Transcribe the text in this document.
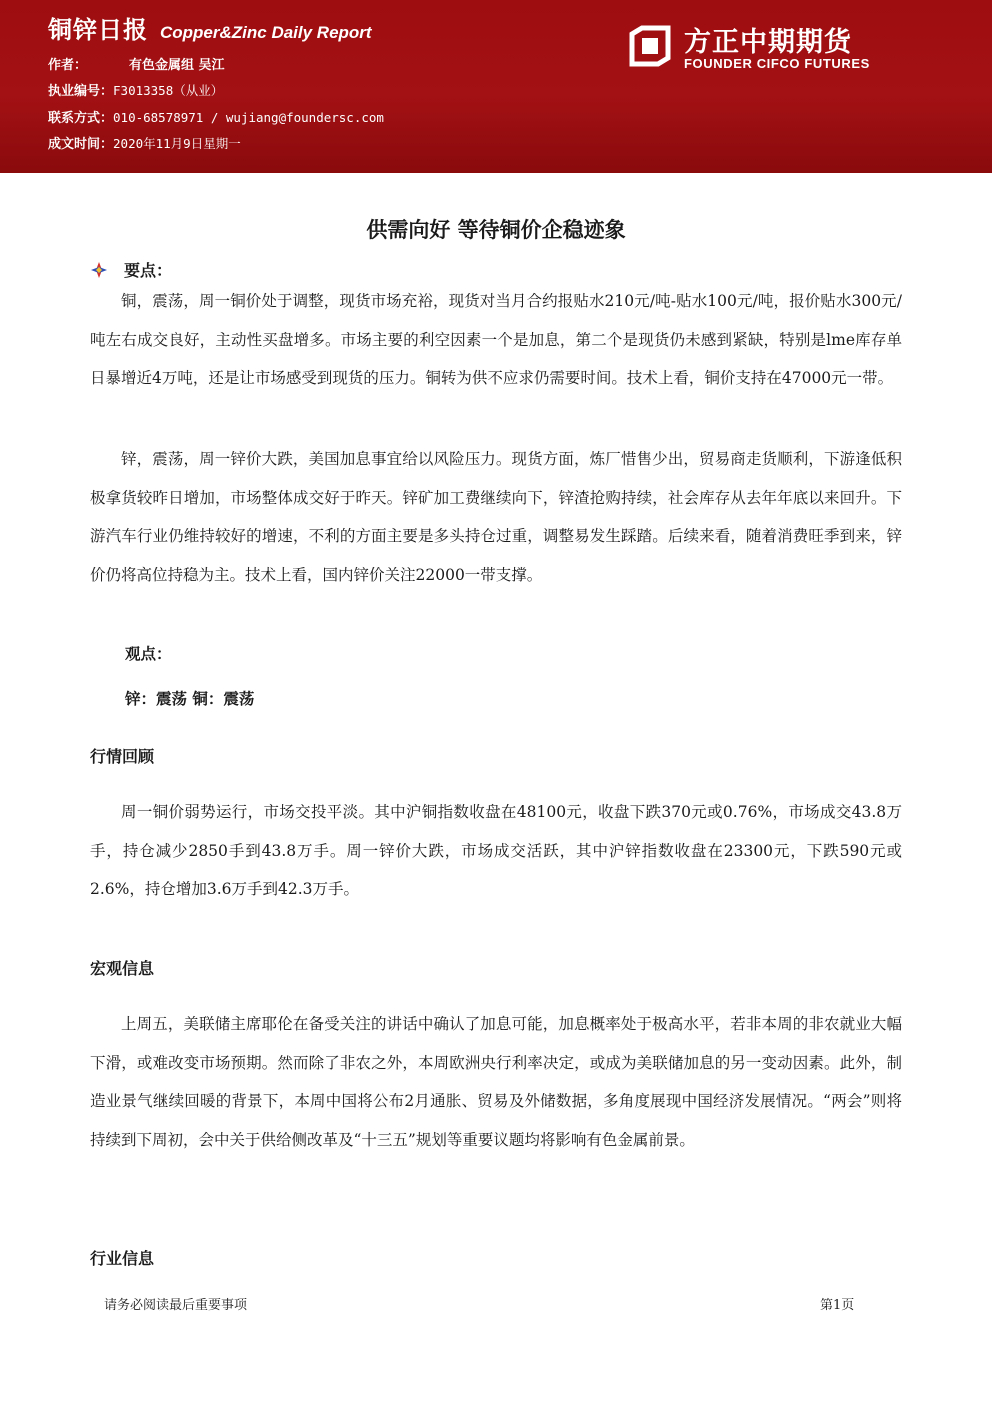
铜锌日报 Copper&Zinc Daily Report
作者：	有色金属组 吴江
执业编号：F3013358（从业）
联系方式：010-68578971 / wujiang@foundersc.com
成文时间：2020年11月9日星期一
方正中期期货
FOUNDER CIFCO FUTURES
供需向好 等待铜价企稳迹象
要点：

铜，震荡，周一铜价处于调整，现货市场充裕，现货对当月合约报贴水210元/吨-贴水100元/吨，报价贴水300元/吨左右成交良好，主动性买盘增多。市场主要的利空因素一个是加息，第二个是现货仍未感到紧缺，特别是lme库存单日暴增近4万吨，还是让市场感受到现货的压力。铜转为供不应求仍需要时间。技术上看，铜价支持在47000元一带。

锌，震荡，周一锌价大跌，美国加息事宜给以风险压力。现货方面，炼厂惜售少出，贸易商走货顺利，下游逢低积极拿货较昨日增加，市场整体成交好于昨天。锌矿加工费继续向下，锌渣抢购持续，社会库存从去年年底以来回升。下游汽车行业仍维持较好的增速，不利的方面主要是多头持仓过重，调整易发生踩踏。后续来看，随着消费旺季到来，锌价仍将高位持稳为主。技术上看，国内锌价关注22000一带支撑。

观点：
锌：震荡 铜：震荡
行情回顾

周一铜价弱势运行，市场交投平淡。其中沪铜指数收盘在48100元，收盘下跌370元或0.76%，市场成交43.8万手，持仓减少2850手到43.8万手。周一锌价大跌，市场成交活跃，其中沪锌指数收盘在23300元，下跌590元或2.6%，持仓增加3.6万手到42.3万手。

宏观信息

上周五，美联储主席耶伦在备受关注的讲话中确认了加息可能，加息概率处于极高水平，若非本周的非农就业大幅下滑，或难改变市场预期。然而除了非农之外，本周欧洲央行利率决定，或成为美联储加息的另一变动因素。此外，制造业景气继续回暖的背景下，本周中国将公布2月通胀、贸易及外储数据，多角度展现中国经济发展情况。“两会”则将持续到下周初，会中关于供给侧改革及“十三五”规划等重要议题均将影响有色金属前景。

行业信息
请务必阅读最后重要事项	第1页
